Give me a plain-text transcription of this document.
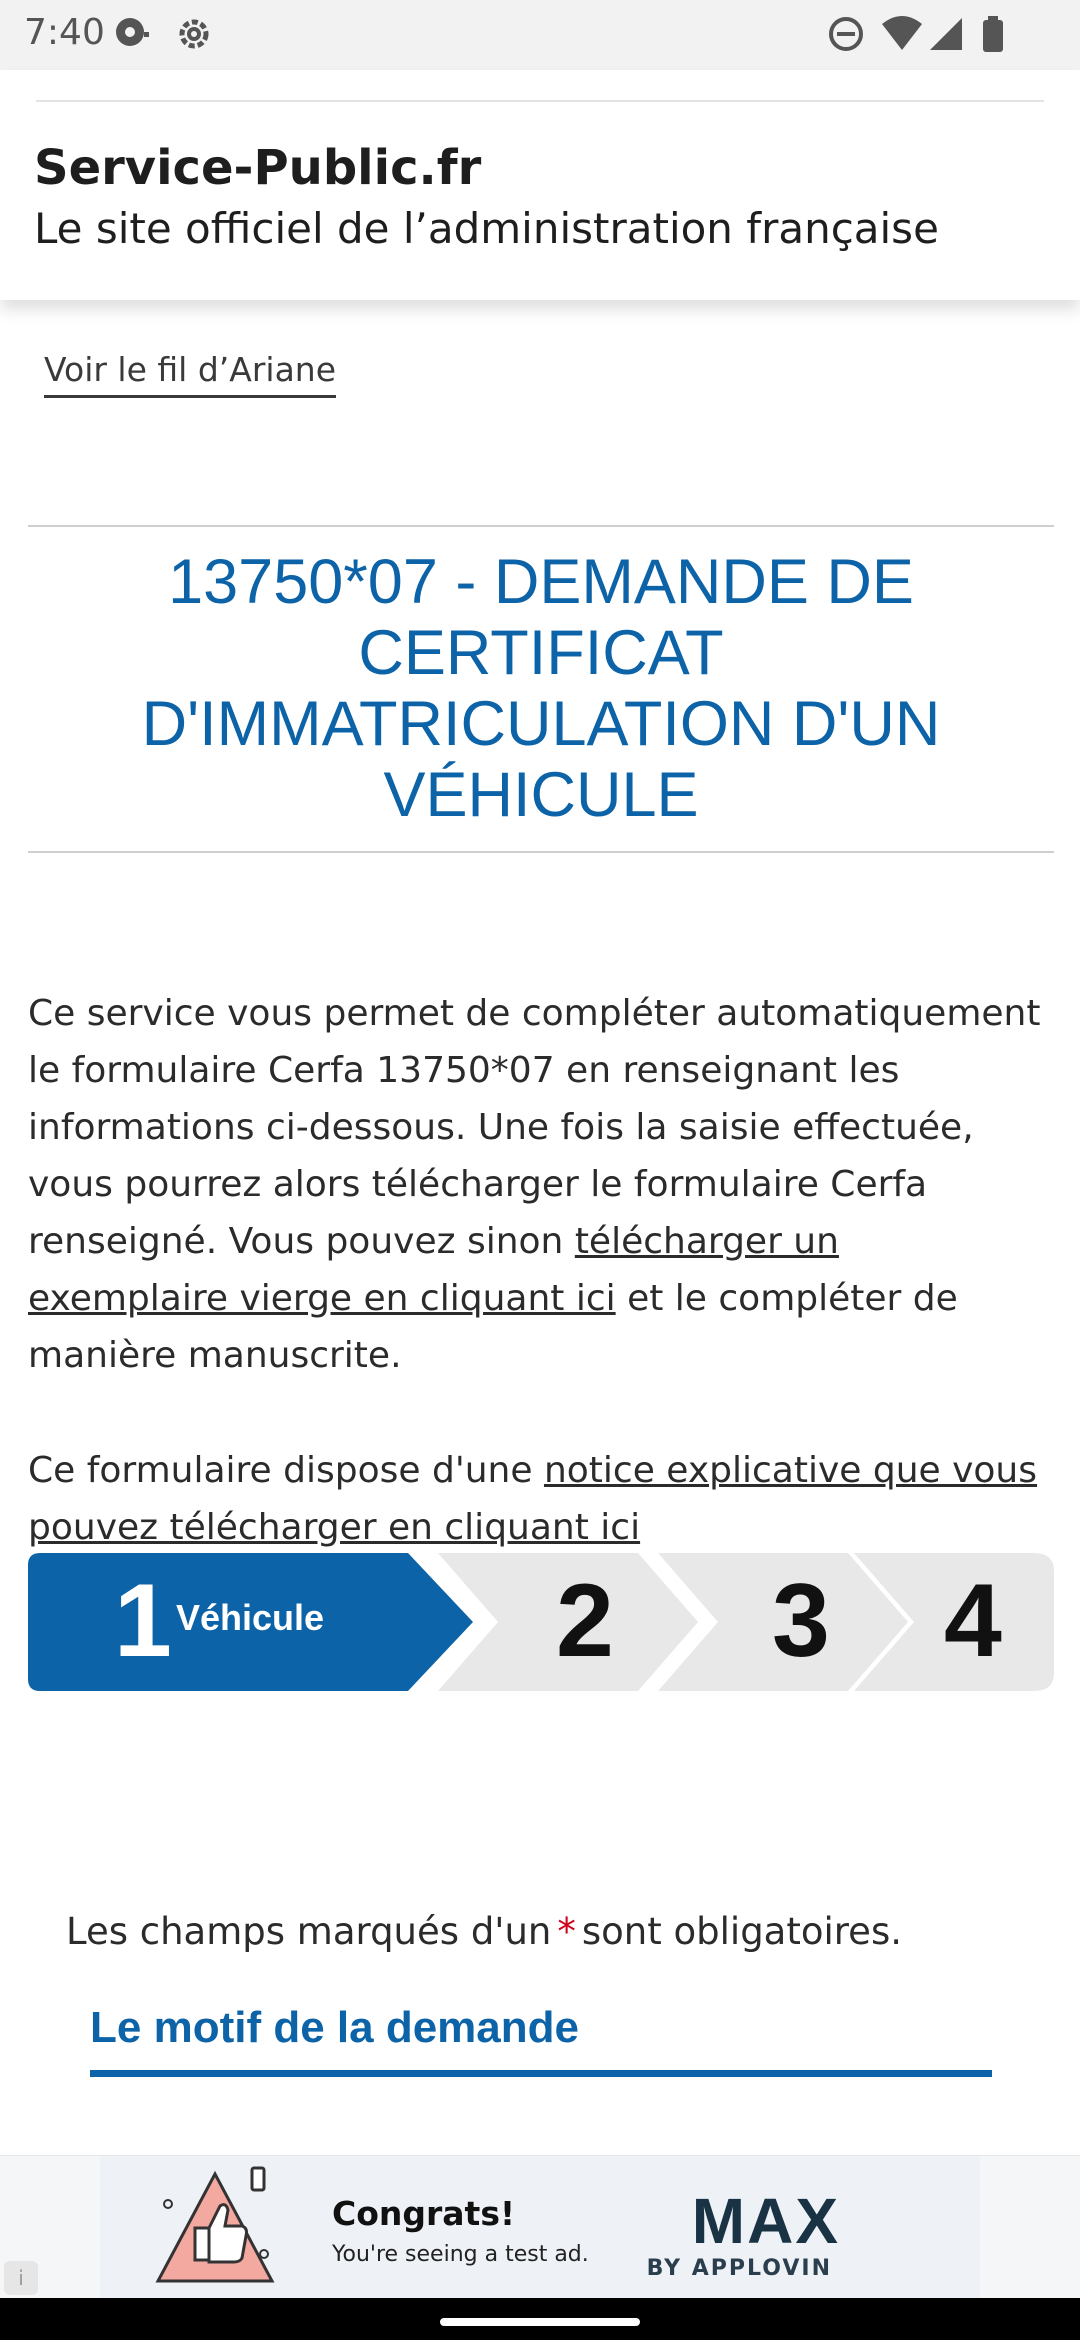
7:40
Service-Public.fr
Le site officiel de l’administration française
Voir le fil d’Ariane
13750*07 - DEMANDE DE CERTIFICAT D'IMMATRICULATION D'UN VÉHICULE

Ce service vous permet de compléter automatiquement le formulaire Cerfa 13750*07 en renseignant les informations ci-dessous. Une fois la saisie effectuée, vous pourrez alors télécharger le formulaire Cerfa renseigné. Vous pouvez sinon télécharger un exemplaire vierge en cliquant ici et le compléter de manière manuscrite.

Ce formulaire dispose d'une notice explicative que vous pouvez télécharger en cliquant ici

4
3
2
1 Véhicule

Les champs marqués d'un * sont obligatoires.

Le motif de la demande
Congrats!
You're seeing a test ad. MAX
BY APPLOVIN
i
